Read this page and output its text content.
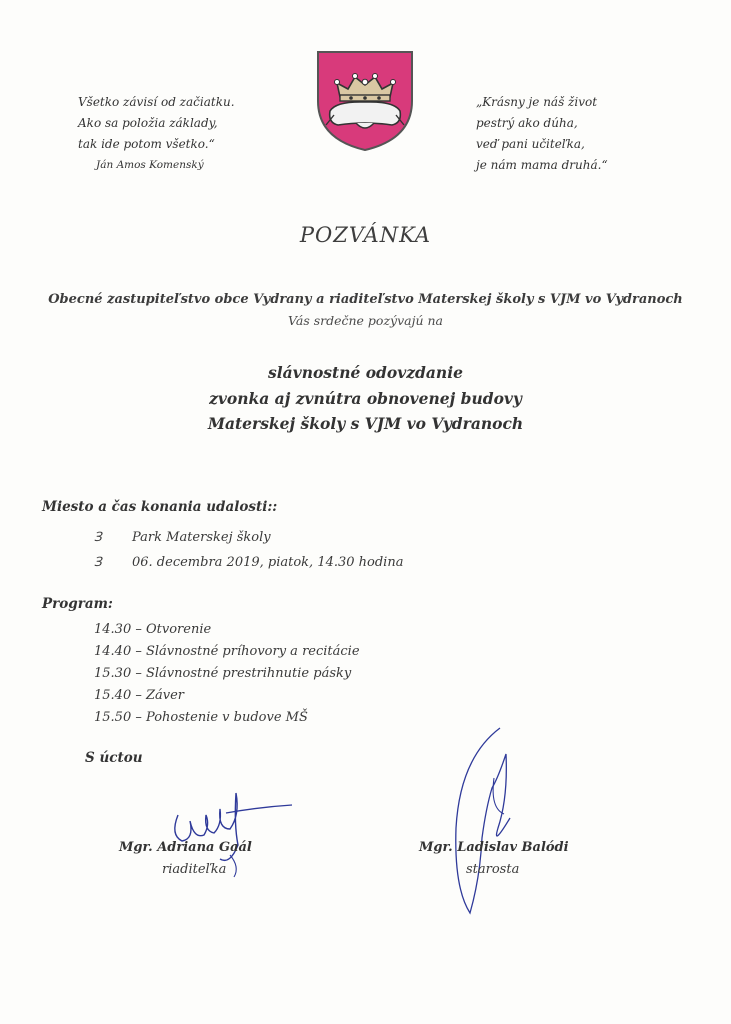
Všetko závisí od začiatku.
Ako sa položia základy,
tak ide potom všetko.“
Ján Amos Komenský
„Krásny je náš život
pestrý ako dúha,
veď pani učiteľka,
je nám mama druhá.“
POZVÁNKA
Obecné zastupiteľstvo obce Vydrany a riaditeľstvo Materskej školy s VJM vo Vydranoch
Vás srdečne pozývajú na
slávnostné odovzdanie
zvonka aj zvnútra obnovenej budovy
Materskej školy s VJM vo Vydranoch
Miesto a čas konania udalosti::
Ɜ Park Materskej školy
Ɜ 06. decembra 2019, piatok, 14.30 hodina
Program:
14.30 – Otvorenie
14.40 – Slávnostné príhovory a recitácie
15.30 – Slávnostné prestrihnutie pásky
15.40 – Záver
15.50 – Pohostenie v budove MŠ
S úctou
Mgr. Adriana Gaál
riaditeľka
Mgr. Ladislav Balódi
starosta
